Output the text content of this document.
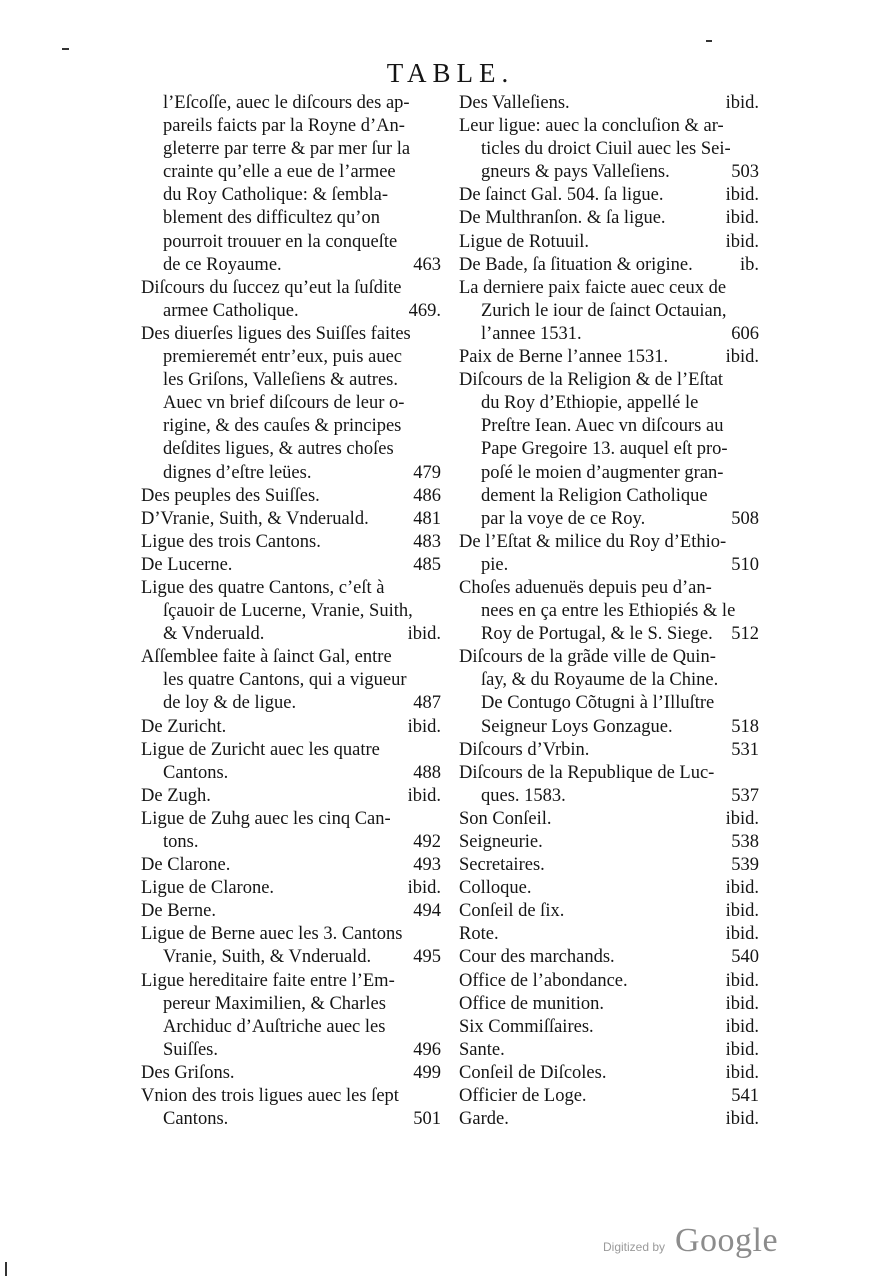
TABLE.
l’Eſcoſſe, auec le diſcours des ap-
pareils faicts par la Royne d’An-
gleterre par terre & par mer ſur la
crainte qu’elle a eue de l’armee
du Roy Catholique: & ſembla-
blement des difficultez qu’on
pourroit trouuer en la conqueſte
de ce Royaume.	463
Diſcours du ſuccez qu’eut la ſuſdite
armee Catholique.	469.
Des diuerſes ligues des Suiſſes faites
premieremét entr’eux, puis auec
les Griſons, Valleſiens & autres.
Auec vn brief diſcours de leur o-
rigine, & des cauſes & principes
deſdites ligues, & autres choſes
dignes d’eſtre leües.	479
Des peuples des Suiſſes.	486
D’Vranie, Suith, & Vnderuald. 481
Ligue des trois Cantons.	483
De Lucerne.	485
Ligue des quatre Cantons, c’eſt à
ſçauoir de Lucerne, Vranie, Suith,
& Vnderuald.	ibid.
Aſſemblee faite à ſainct Gal, entre
les quatre Cantons, qui a vigueur
de loy & de ligue.	487
De Zuricht.	ibid.
Ligue de Zuricht auec les quatre
Cantons.	488
De Zugh.	ibid.
Ligue de Zuhg auec les cinq Can-
tons.	492
De Clarone.	493
Ligue de Clarone.	ibid.
De Berne.	494
Ligue de Berne auec les 3. Cantons
Vranie, Suith, & Vnderuald. 495
Ligue hereditaire faite entre l’Em-
pereur Maximilien, & Charles
Archiduc d’Auſtriche auec les
Suiſſes.	496
Des Griſons.	499
Vnion des trois ligues auec les ſept
Cantons.	501
Des Valleſiens.	ibid.
Leur ligue: auec la concluſion & ar-
ticles du droict Ciuil auec les Sei-
gneurs & pays Valleſiens.	503
De ſainct Gal. 504. ſa ligue.	ibid.
De Multhranſon. & ſa ligue.	ibid.
Ligue de Rotuuil.	ibid.
De Bade, ſa ſituation & origine.	ib.
La derniere paix faicte auec ceux de
Zurich le iour de ſainct Octauian,
l’annee 1531.	606
Paix de Berne l’annee 1531.	ibid.
Diſcours de la Religion & de l’Eſtat
du Roy d’Ethiopie, appellé le
Preſtre Iean. Auec vn diſcours au
Pape Gregoire 13. auquel eſt pro-
poſé le moien d’augmenter gran-
dement la Religion Catholique
par la voye de ce Roy.	508
De l’Eſtat & milice du Roy d’Ethio-
pie.	510
Choſes aduenuës depuis peu d’an-
nees en ça entre les Ethiopiés & le
Roy de Portugal, & le S. Siege. 512
Diſcours de la grãde ville de Quin-
ſay, & du Royaume de la Chine.
De Contugo Cõtugni à l’Illuſtre
Seigneur Loys Gonzague.	518
Diſcours d’Vrbin.	531
Diſcours de la Republique de Luc-
ques. 1583.	537
Son Conſeil.	ibid.
Seigneurie.	538
Secretaires.	539
Colloque.	ibid.
Conſeil de ſix.	ibid.
Rote.	ibid.
Cour des marchands.	540
Office de l’abondance.	ibid.
Office de munition.	ibid.
Six Commiſſaires.	ibid.
Sante.	ibid.
Conſeil de Diſcoles.	ibid.
Officier de Loge.	541
Garde.	ibid.
Digitized by Google
